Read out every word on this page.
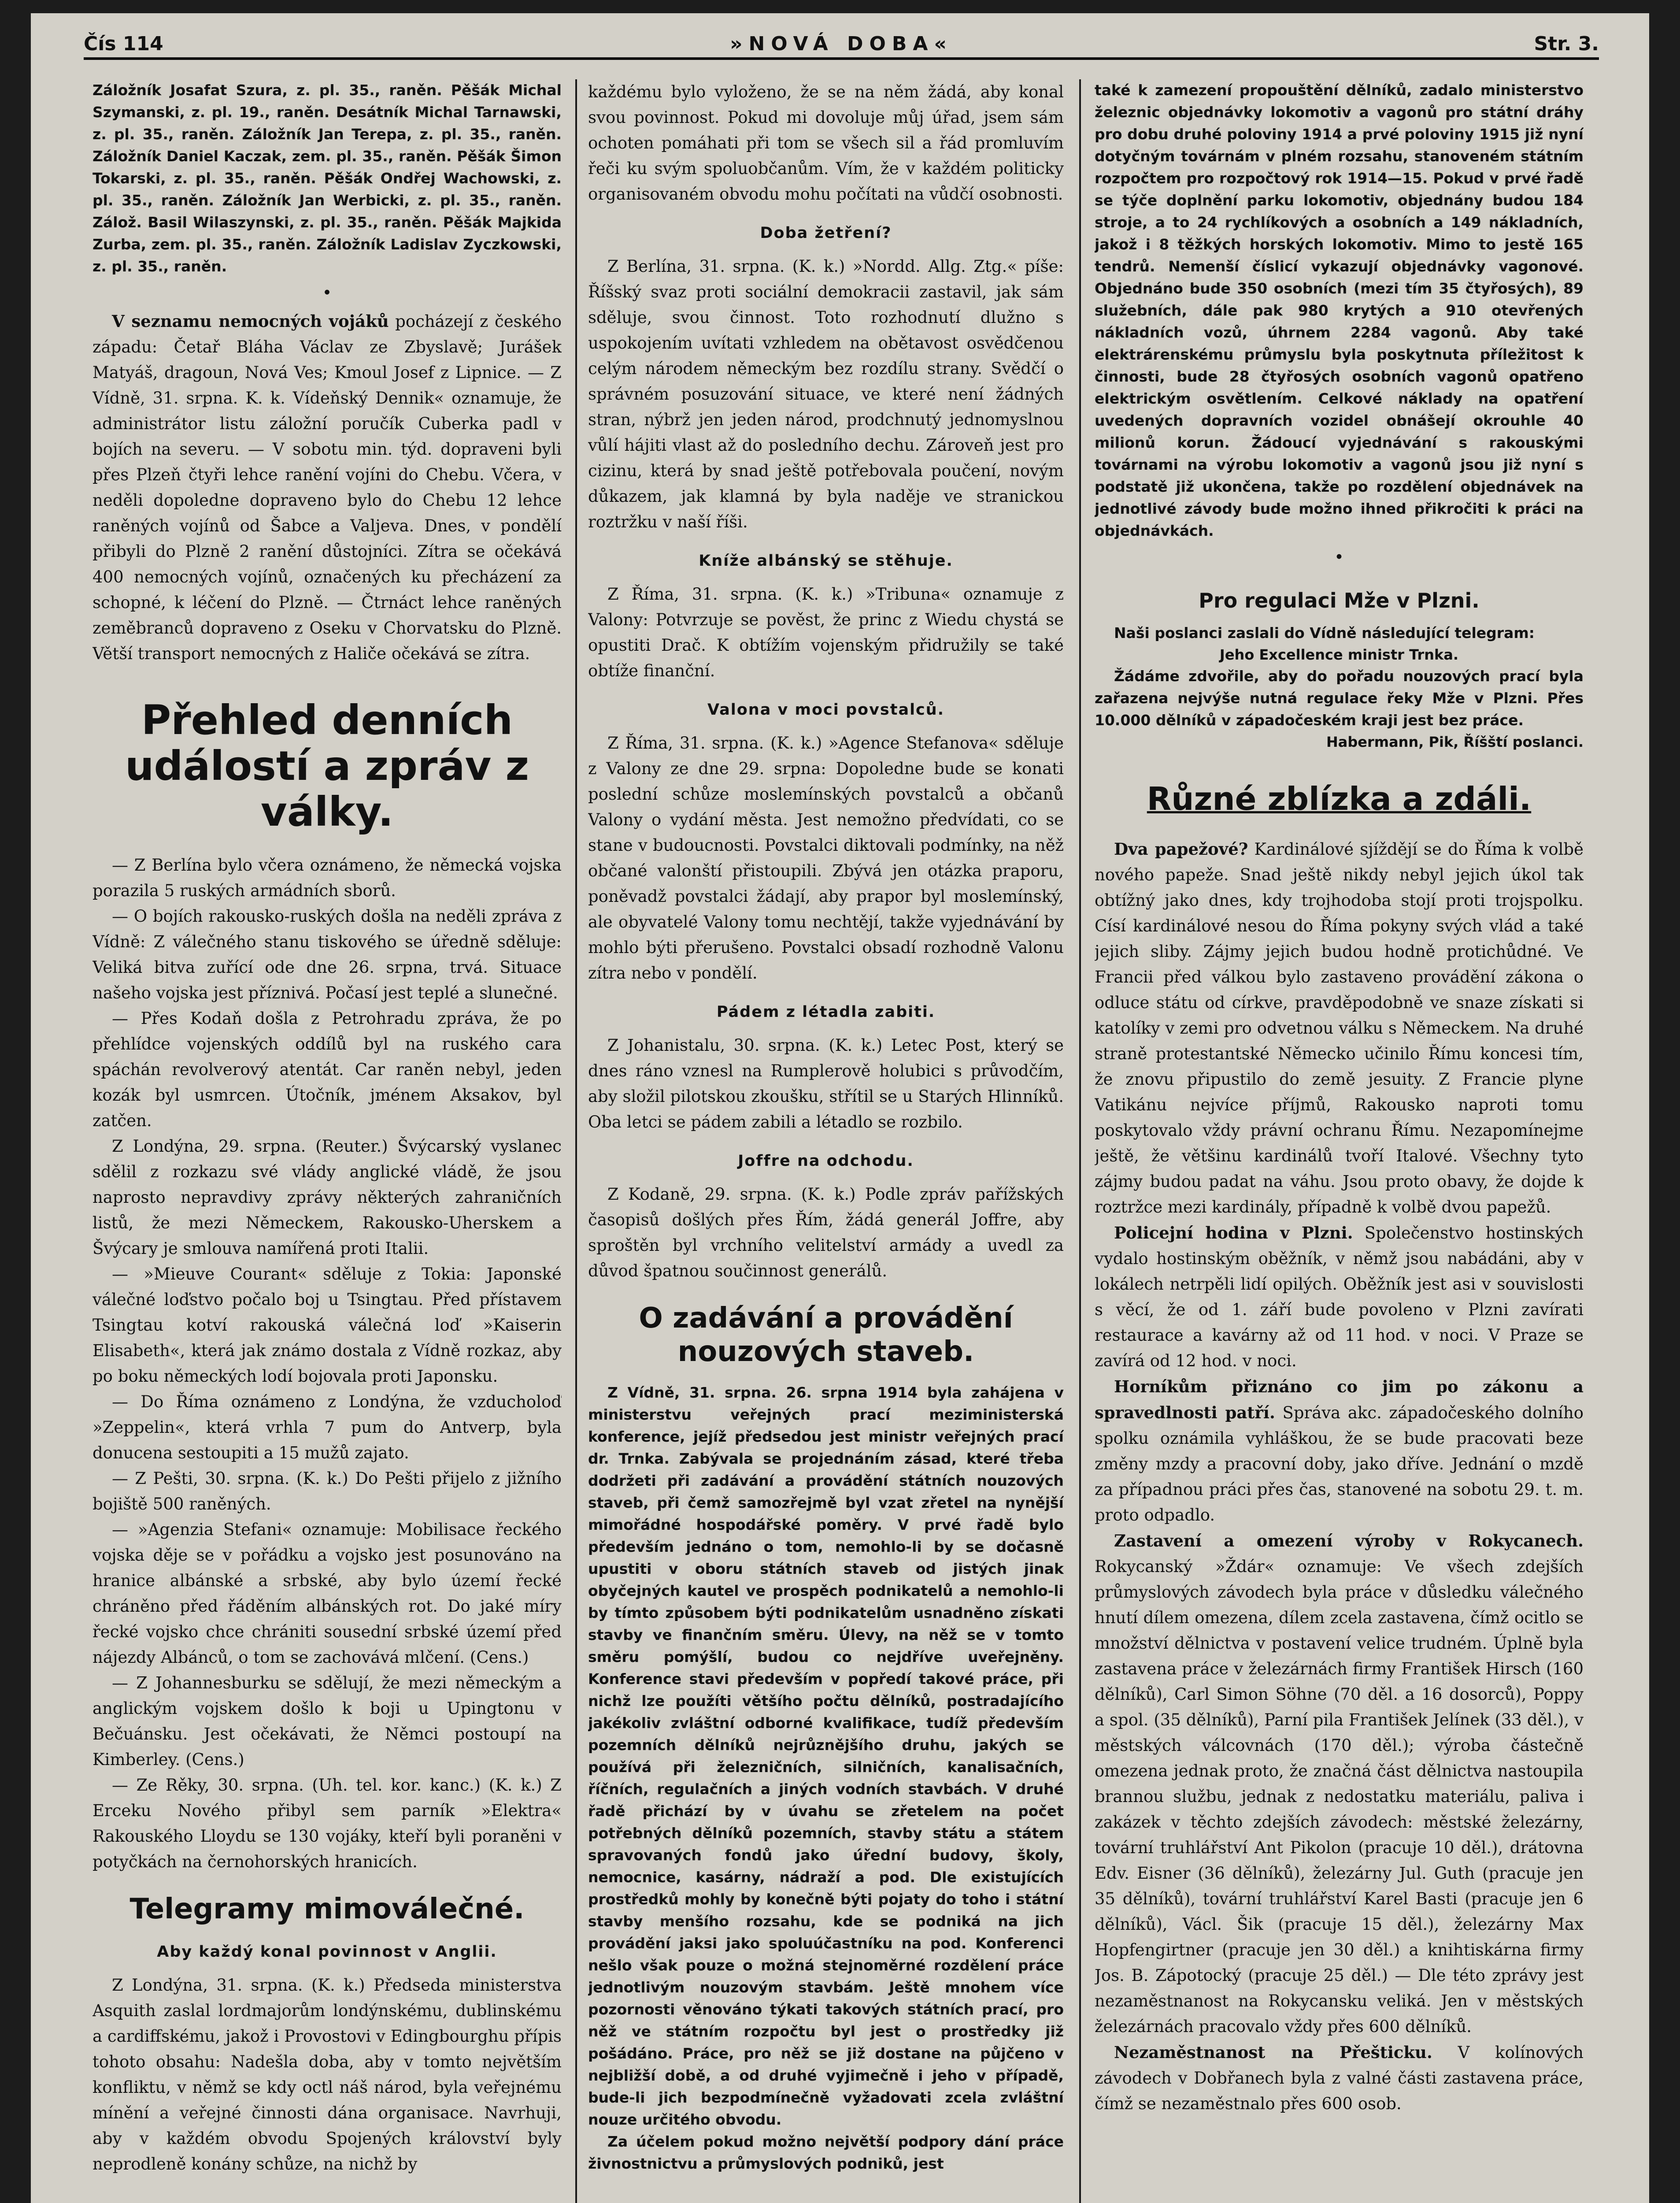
Čís 114	»NOVÁ DOBA«	Str. 3.

Záložník Josafat Szura, z. pl. 35., raněn. Pěšák Michal Szymanski, z. pl. 19., raněn. Desátník Michal Tarnawski, z. pl. 35., raněn. Záložník Jan Terepa, z. pl. 35., raněn. Záložník Daniel Kaczak, zem. pl. 35., raněn. Pěšák Šimon Tokarski, z. pl. 35., raněn. Pěšák Ondřej Wachowski, z. pl. 35., raněn. Záložník Jan Werbicki, z. pl. 35., raněn. Zálož. Basil Wilaszynski, z. pl. 35., raněn. Pěšák Majkida Zurba, zem. pl. 35., raněn. Záložník Ladislav Zyczkowski, z. pl. 35., raněn.

•

V seznamu nemocných vojáků pocházejí z českého západu: Četař Bláha Václav ze Zbyslavě; Jurášek Matyáš, dragoun, Nová Ves; Kmoul Josef z Lipnice. — Z Vídně, 31. srpna. K. k. Vídeňský Dennik« oznamuje, že administrátor listu záložní poručík Cuberka padl v bojích na severu. — V sobotu min. týd. dopraveni byli přes Plzeň čtyři lehce ranění vojíni do Chebu. Včera, v neděli dopoledne dopraveno bylo do Chebu 12 lehce raněných vojínů od Šabce a Valjeva. Dnes, v pondělí přibyli do Plzně 2 ranění důstojníci. Zítra se očekává 400 nemocných vojínů, označených ku přecházení za schopné, k léčení do Plzně. — Čtrnáct lehce raněných zeměbranců dopraveno z Oseku v Chorvatsku do Plzně. Větší transport nemocných z Haliče očekává se zítra.

Přehled denních událostí a zpráv z války.

— Z Berlína bylo včera oznámeno, že německá vojska porazila 5 ruských armádních sborů.

— O bojích rakousko-ruských došla na neděli zpráva z Vídně: Z válečného stanu tiskového se úředně sděluje: Veliká bitva zuřící ode dne 26. srpna, trvá. Situace našeho vojska jest příznivá. Počasí jest teplé a slunečné.

— Přes Kodaň došla z Petrohradu zpráva, že po přehlídce vojenských oddílů byl na ruského cara spáchán revolverový atentát. Car raněn nebyl, jeden kozák byl usmrcen. Útočník, jménem Aksakov, byl zatčen.

Z Londýna, 29. srpna. (Reuter.) Švýcarský vyslanec sdělil z rozkazu své vlády anglické vládě, že jsou naprosto nepravdivy zprávy některých zahraničních listů, že mezi Německem, Rakousko-Uherskem a Švýcary je smlouva namířená proti Italii.

— »Mieuve Courant« sděluje z Tokia: Japonské válečné loďstvo počalo boj u Tsingtau. Před přístavem Tsingtau kotví rakouská válečná loď »Kaiserin Elisabeth«, která jak známo dostala z Vídně rozkaz, aby po boku německých lodí bojovala proti Japonsku.

— Do Říma oznámeno z Londýna, že vzducholoď »Zeppelin«, která vrhla 7 pum do Antverp, byla donucena sestoupiti a 15 mužů zajato.

— Z Pešti, 30. srpna. (K. k.) Do Pešti přijelo z jižního bojiště 500 raněných.

— »Agenzia Stefani« oznamuje: Mobilisace řeckého vojska děje se v pořádku a vojsko jest posunováno na hranice albánské a srbské, aby bylo území řecké chráněno před řáděním albánských rot. Do jaké míry řecké vojsko chce chrániti sousední srbské území před nájezdy Albánců, o tom se zachovává mlčení. (Cens.)

— Z Johannesburku se sdělují, že mezi německým a anglickým vojskem došlo k boji u Upingtonu v Bečuánsku. Jest očekávati, že Němci postoupí na Kimberley. (Cens.)

— Ze Rěky, 30. srpna. (Uh. tel. kor. kanc.) (K. k.) Z Erceku Nového přibyl sem parník »Elektra« Rakouského Lloydu se 130 vojáky, kteří byli poraněni v potyčkách na černohorských hranicích.

Telegramy mimoválečné.
Aby každý konal povinnost v Anglii.

Z Londýna, 31. srpna. (K. k.) Předseda ministerstva Asquith zaslal lordmajorům londýnskému, dublinskému a cardiffskému, jakož i Provostovi v Edingbourghu přípis tohoto obsahu: Nadešla doba, aby v tomto největším konfliktu, v němž se kdy octl náš národ, byla veřejnému mínění a veřejné činnosti dána organisace. Navrhuji, aby v každém obvodu Spojených království byly neprodleně konány schůze, na nichž by

každému bylo vyloženo, že se na něm žádá, aby konal svou povinnost. Pokud mi dovoluje můj úřad, jsem sám ochoten pomáhati při tom se všech sil a řád promluvím řeči ku svým spoluobčanům. Vím, že v každém politicky organisovaném obvodu mohu počítati na vůdčí osobnosti.

Doba žetření?

Z Berlína, 31. srpna. (K. k.) »Nordd. Allg. Ztg.« píše: Říšský svaz proti sociální demokracii zastavil, jak sám sděluje, svou činnost. Toto rozhodnutí dlužno s uspokojením uvítati vzhledem na obětavost osvědčenou celým národem německým bez rozdílu strany. Svědčí o správném posuzování situace, ve které není žádných stran, nýbrž jen jeden národ, prodchnutý jednomyslnou vůlí hájiti vlast až do posledního dechu. Zároveň jest pro cizinu, která by snad ještě potřebovala poučení, novým důkazem, jak klamná by byla naděje ve stranickou roztržku v naší říši.

Kníže albánský se stěhuje.

Z Říma, 31. srpna. (K. k.) »Tribuna« oznamuje z Valony: Potvrzuje se pověst, že princ z Wiedu chystá se opustiti Drač. K obtížím vojenským přidružily se také obtíže finanční.

Valona v moci povstalců.

Z Říma, 31. srpna. (K. k.) »Agence Stefanova« sděluje z Valony ze dne 29. srpna: Dopoledne bude se konati poslední schůze moslemínských povstalců a občanů Valony o vydání města. Jest nemožno předvídati, co se stane v budoucnosti. Povstalci diktovali podmínky, na něž občané valonští přistoupili. Zbývá jen otázka praporu, poněvadž povstalci žádají, aby prapor byl moslemínský, ale obyvatelé Valony tomu nechtějí, takže vyjednávání by mohlo býti přerušeno. Povstalci obsadí rozhodně Valonu zítra nebo v pondělí.

Pádem z létadla zabiti.

Z Johanistalu, 30. srpna. (K. k.) Letec Post, který se dnes ráno vznesl na Rumplerově holubici s průvodčím, aby složil pilotskou zkoušku, střítil se u Starých Hlinníků. Oba letci se pádem zabili a létadlo se rozbilo.

Joffre na odchodu.

Z Kodaně, 29. srpna. (K. k.) Podle zpráv pařížských časopisů došlých přes Řím, žádá generál Joffre, aby sproštěn byl vrchního velitelství armády a uvedl za důvod špatnou součinnost generálů.

O zadávání a provádění nouzových staveb.

Z Vídně, 31. srpna. 26. srpna 1914 byla zahájena v ministerstvu veřejných prací meziministerská konference, jejíž předsedou jest ministr veřejných prací dr. Trnka. Zabývala se projednáním zásad, které třeba dodržeti při zadávání a provádění státních nouzových staveb, při čemž samozřejmě byl vzat zřetel na nynější mimořádné hospodářské poměry. V prvé řadě bylo především jednáno o tom, nemohlo-li by se dočasně upustiti v oboru státních staveb od jistých jinak obyčejných kautel ve prospěch podnikatelů a nemohlo-li by tímto způsobem býti podnikatelům usnadněno získati stavby ve finančním směru. Úlevy, na něž se v tomto směru pomýšlí, budou co nejdříve uveřejněny. Konference stavi především v popředí takové práce, při nichž lze použíti většího počtu dělníků, postradajícího jakékoliv zvláštní odborné kvalifikace, tudíž především pozemních dělníků nejrůznějšího druhu, jakých se používá při železničních, silničních, kanalisačních, říčních, regulačních a jiných vodních stavbách. V druhé řadě přichází by v úvahu se zřetelem na počet potřebných dělníků pozemních, stavby státu a státem spravovaných fondů jako úřední budovy, školy, nemocnice, kasárny, nádraží a pod. Dle existujících prostředků mohly by konečně býti pojaty do toho i státní stavby menšího rozsahu, kde se podniká na jich provádění jaksi jako spoluúčastníku na pod. Konferenci nešlo však pouze o možná stejnoměrné rozdělení práce jednotlivým nouzovým stavbám. Ještě mnohem více pozornosti věnováno týkati takových státních prací, pro něž ve státním rozpočtu byl jest o prostředky již pošádáno. Práce, pro něž se již dostane na půjčeno v nejbližší době, a od druhé vyjimečně i jeho v případě, bude-li jich bezpodmínečně vyžadovati zcela zvláštní nouze určitého obvodu.

Za účelem pokud možno největší podpory dání práce živnostnictvu a průmyslových podniků, jest

také k zamezení propouštění dělníků, zadalo ministerstvo železnic objednávky lokomotiv a vagonů pro státní dráhy pro dobu druhé poloviny 1914 a prvé poloviny 1915 již nyní dotyčným továrnám v plném rozsahu, stanoveném státním rozpočtem pro rozpočtový rok 1914—15. Pokud v prvé řadě se týče doplnění parku lokomotiv, objednány budou 184 stroje, a to 24 rychlíkových a osobních a 149 nákladních, jakož i 8 těžkých horských lokomotiv. Mimo to jestě 165 tendrů. Nemenší číslicí vykazují objednávky vagonové. Objednáno bude 350 osobních (mezi tím 35 čtyřosých), 89 služebních, dále pak 980 krytých a 910 otevřených nákladních vozů, úhrnem 2284 vagonů. Aby také elektrárenskému průmyslu byla poskytnuta příležitost k činnosti, bude 28 čtyřosých osobních vagonů opatřeno elektrickým osvětlením. Celkové náklady na opatření uvedených dopravních vozidel obnášejí okrouhle 40 milionů korun. Žádoucí vyjednávání s rakouskými továrnami na výrobu lokomotiv a vagonů jsou již nyní s podstatě již ukončena, takže po rozdělení objednávek na jednotlivé závody bude možno ihned přikročiti k práci na objednávkách.

•

Pro regulaci Mže v Plzni.

Naši poslanci zaslali do Vídně následující telegram:

Jeho Excellence ministr Trnka.

Žádáme zdvořile, aby do pořadu nouzových prací byla zařazena nejvýše nutná regulace řeky Mže v Plzni. Přes 10.000 dělníků v západočeském kraji jest bez práce.

Habermann, Pik, Říšští poslanci.

Různé zblízka a zdáli.

Dva papežové? Kardinálové sjíždějí se do Říma k volbě nového papeže. Snad ještě nikdy nebyl jejich úkol tak obtížný jako dnes, kdy trojhodoba stojí proti trojspolku. Císí kardinálové nesou do Říma pokyny svých vlád a také jejich sliby. Zájmy jejich budou hodně protichůdné. Ve Francii před válkou bylo zastaveno provádění zákona o odluce státu od církve, pravděpodobně ve snaze získati si katolíky v zemi pro odvetnou válku s Německem. Na druhé straně protestantské Německo učinilo Římu koncesi tím, že znovu připustilo do země jesuity. Z Francie plyne Vatikánu nejvíce příjmů, Rakousko naproti tomu poskytovalo vždy právní ochranu Římu. Nezapomínejme ještě, že většinu kardinálů tvoří Italové. Všechny tyto zájmy budou padat na váhu. Jsou proto obavy, že dojde k roztržce mezi kardinály, případně k volbě dvou papežů.

Policejní hodina v Plzni. Společenstvo hostinských vydalo hostinským oběžník, v němž jsou nabádáni, aby v lokálech netrpěli lidí opilých. Oběžník jest asi v souvislosti s věcí, že od 1. září bude povoleno v Plzni zavírati restaurace a kavárny až od 11 hod. v noci. V Praze se zavírá od 12 hod. v noci.

Horníkům přiznáno co jim po zákonu a spravedlnosti patří. Správa akc. západočeského dolního spolku oznámila vyhláškou, že se bude pracovati beze změny mzdy a pracovní doby, jako dříve. Jednání o mzdě za případnou práci přes čas, stanovené na sobotu 29. t. m. proto odpadlo.

Zastavení a omezení výroby v Rokycanech. Rokycanský »Ždár« oznamuje: Ve všech zdejších průmyslových závodech byla práce v důsledku válečného hnutí dílem omezena, dílem zcela zastavena, čímž ocitlo se množství dělnictva v postavení velice trudném. Úplně byla zastavena práce v železárnách firmy František Hirsch (160 dělníků), Carl Simon Söhne (70 děl. a 16 dosorců), Poppy a spol. (35 dělníků), Parní pila František Jelínek (33 děl.), v městských válcovnách (170 děl.); výroba částečně omezena jednak proto, že značná část dělnictva nastoupila brannou službu, jednak z nedostatku materiálu, paliva i zakázek v těchto zdejších závodech: městské železárny, tovární truhlářství Ant Pikolon (pracuje 10 děl.), drátovna Edv. Eisner (36 dělníků), železárny Jul. Guth (pracuje jen 35 dělníků), tovární truhlářství Karel Basti (pracuje jen 6 dělníků), Václ. Šik (pracuje 15 děl.), železárny Max Hopfengirtner (pracuje jen 30 děl.) a knihtiskárna firmy Jos. B. Zápotocký (pracuje 25 děl.) — Dle této zprávy jest nezaměstnanost na Rokycansku veliká. Jen v městských železárnách pracovalo vždy přes 600 dělníků.

Nezaměstnanost na Přešticku. V kolínových závodech v Dobřanech byla z valné části zastavena práce, čímž se nezaměstnalo přes 600 osob.
